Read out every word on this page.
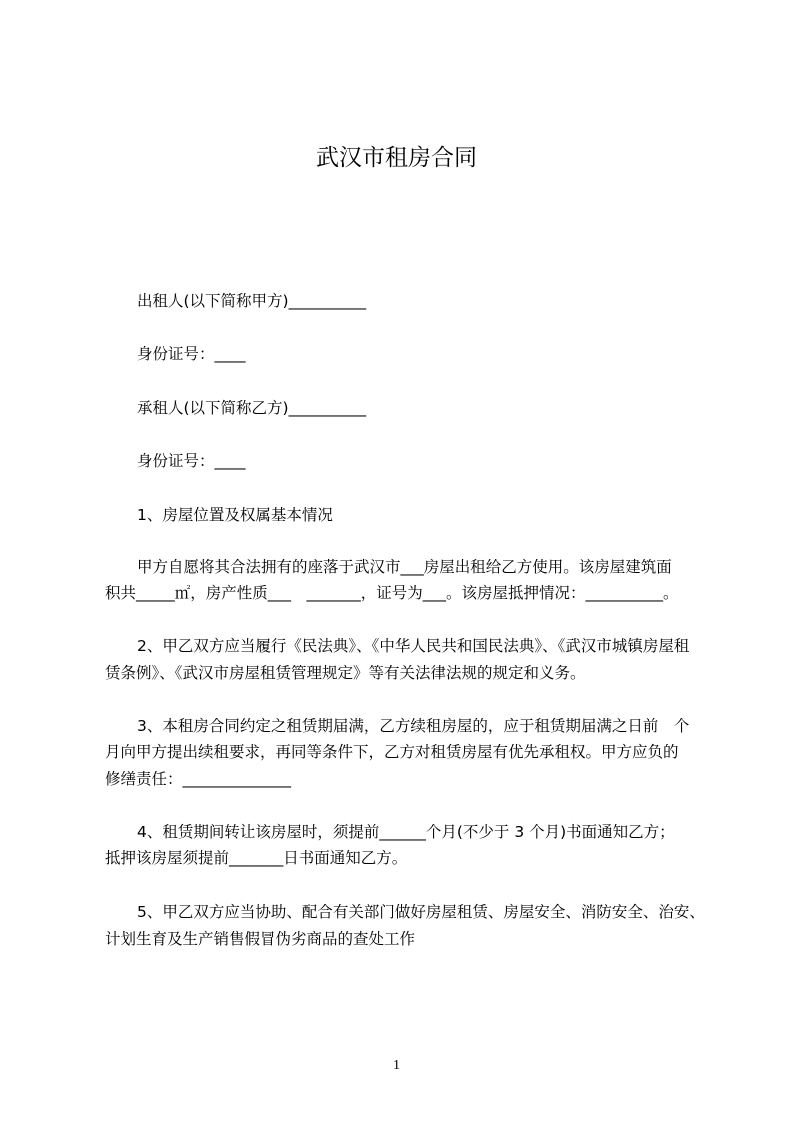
武汉市租房合同
出租人(以下简称甲方)__________
身份证号：____
承租人(以下简称乙方)__________
身份证号：____
1、房屋位置及权属基本情况
甲方自愿将其合法拥有的座落于武汉市___房屋出租给乙方使用。该房屋建筑面
积共_____㎡，房产性质___　_______，证号为___。该房屋抵押情况：__________。
2、甲乙双方应当履行《民法典》、《中华人民共和国民法典》、《武汉市城镇房屋租
赁条例》、《武汉市房屋租赁管理规定》等有关法律法规的规定和义务。
3、本租房合同约定之租赁期届满，乙方续租房屋的，应于租赁期届满之日前　个
月向甲方提出续租要求，再同等条件下，乙方对租赁房屋有优先承租权。甲方应负的
修缮责任：______________
4、租赁期间转让该房屋时，须提前______个月(不少于 3 个月)书面通知乙方；
抵押该房屋须提前_______日书面通知乙方。
5、甲乙双方应当协助、配合有关部门做好房屋租赁、房屋安全、消防安全、治安、
计划生育及生产销售假冒伪劣商品的查处工作
1
